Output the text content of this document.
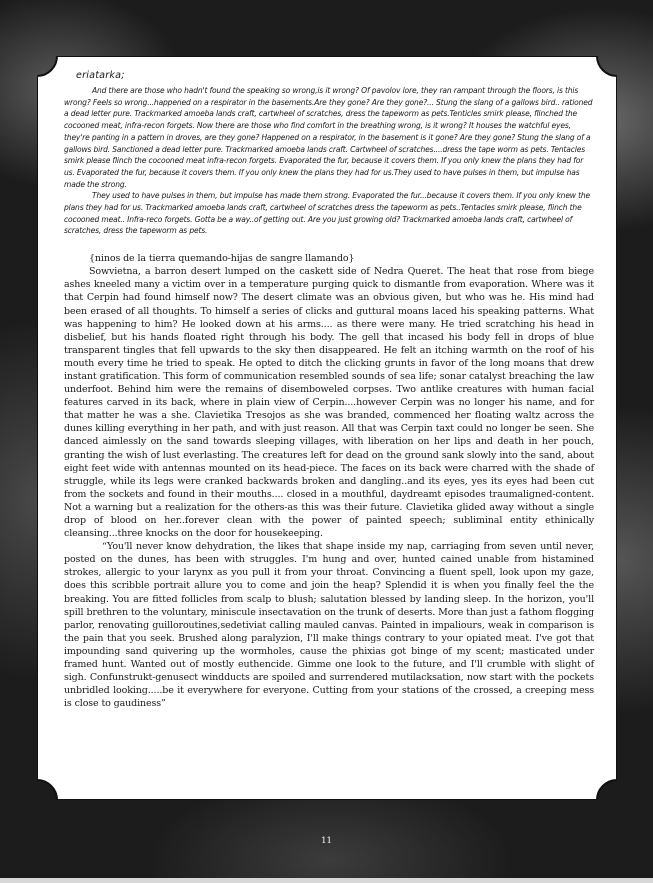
eriatarka;

And there are those who hadn't found the speaking so wrong,is it wrong? Of pavolov lore, they ran rampant through the floors, is this wrong? Feels so wrong...happened on a respirator in the basements.Are they gone? Are they gone?... Stung the slang of a gallows bird.. rationed a dead letter pure. Trackmarked amoeba lands craft, cartwheel of scratches, dress the tapeworm as pets.Tenticles smirk please, flinched the cocooned meat, infra-recon forgets. Now there are those who find comfort in the breathing wrong, is it wrong? It houses the watchful eyes, they're panting in a pattern in droves, are they gone? Happened on a respirator, in the basement is it gone? Are they gone? Stung the slang of a gallows bird. Sanctioned a dead letter pure. Trackmarked amoeba lands craft. Cartwheel of scratches....dress the tape worm as pets. Tentacles smirk please flinch the cocooned meat infra-recon forgets. Evaporated the fur, because it covers them. If you only knew the plans they had for us. Evaporated the fur, because it covers them. If you only knew the plans they had for us.They used to have pulses in them, but impulse has made the strong.

They used to have pulses in them, but impulse has made them strong. Evaporated the fur...because it covers them. If you only knew the plans they had for us. Trackmarked amoeba lands craft, cartwheel of scratches dress the tapeworm as pets..Tentacles smirk please, flinch the cocooned meat.. Infra-reco forgets. Gotta be a way..of getting out. Are you just growing old? Trackmarked amoeba lands craft, cartwheel of scratches, dress the tapeworm as pets.

{ninos de la tierra quemando-hijas de sangre llamando}

Sowvietna, a barron desert lumped on the caskett side of Nedra Queret. The heat that rose from biege ashes kneeled many a victim over in a temperature purging quick to dismantle from evaporation. Where was it that Cerpin had found himself now? The desert climate was an obvious given, but who was he. His mind had been erased of all thoughts. To himself a series of clicks and guttural moans laced his speaking patterns. What was happening to him? He looked down at his arms.... as there were many. He tried scratching his head in disbelief, but his hands floated right through his body. The gell that incased his body fell in drops of blue transparent tingles that fell upwards to the sky then disappeared. He felt an itching warmth on the roof of his mouth every time he tried to speak. He opted to ditch the clicking grunts in favor of the long moans that drew instant gratification. This form of communication resembled sounds of sea life; sonar catalyst breaching the law underfoot. Behind him were the remains of disemboweled corpses. Two antlike creatures with human facial features carved in its back, where in plain view of Cerpin....however Cerpin was no longer his name, and for that matter he was a she. Clavietika Tresojos as she was branded, commenced her floating waltz across the dunes killing everything in her path, and with just reason. All that was Cerpin taxt could no longer be seen. She danced aimlessly on the sand towards sleeping villages, with liberation on her lips and death in her pouch, granting the wish of lust everlasting. The creatures left for dead on the ground sank slowly into the sand, about eight feet wide with antennas mounted on its head-piece. The faces on its back were charred with the shade of struggle, while its legs were cranked backwards broken and dangling..and its eyes, yes its eyes had been cut from the sockets and found in their mouths.... closed in a mouthful, daydreamt episodes traumaligned-content. Not a warning but a realization for the others-as this was their future. Clavietika glided away without a single drop of blood on her..forever clean with the power of painted speech; subliminal entity ethinically cleansing...three knocks on the door for housekeeping.

“You'll never know dehydration, the likes that shape inside my nap, carriaging from seven until never, posted on the dunes, has been with struggles. I'm hung and over, hunted cained unable from histamined strokes, allergic to your larynx as you pull it from your throat. Convincing a fluent spell, look upon my gaze, does this scribble portrait allure you to come and join the heap? Splendid it is when you finally feel the the breaking. You are fitted follicles from scalp to blush; salutation blessed by landing sleep. In the horizon, you'll spill brethren to the voluntary, miniscule insectavation on the trunk of deserts. More than just a fathom flogging parlor, renovating guilloroutines,sedetiviat calling mauled canvas. Painted in impaliours, weak in comparison is the pain that you seek. Brushed along paralyzion, I'll make things contrary to your opiated meat. I've got that impounding sand quivering up the wormholes, cause the phixias got binge of my scent; masticated under framed hunt. Wanted out of mostly euthencide. Gimme one look to the future, and I'll crumble with slight of sigh. Confunstrukt-genusect windducts are spoiled and surrendered mutilacksation, now start with the pockets unbridled looking.....be it everywhere for everyone. Cutting from your stations of the crossed, a creeping mess is close to gaudiness”

11
